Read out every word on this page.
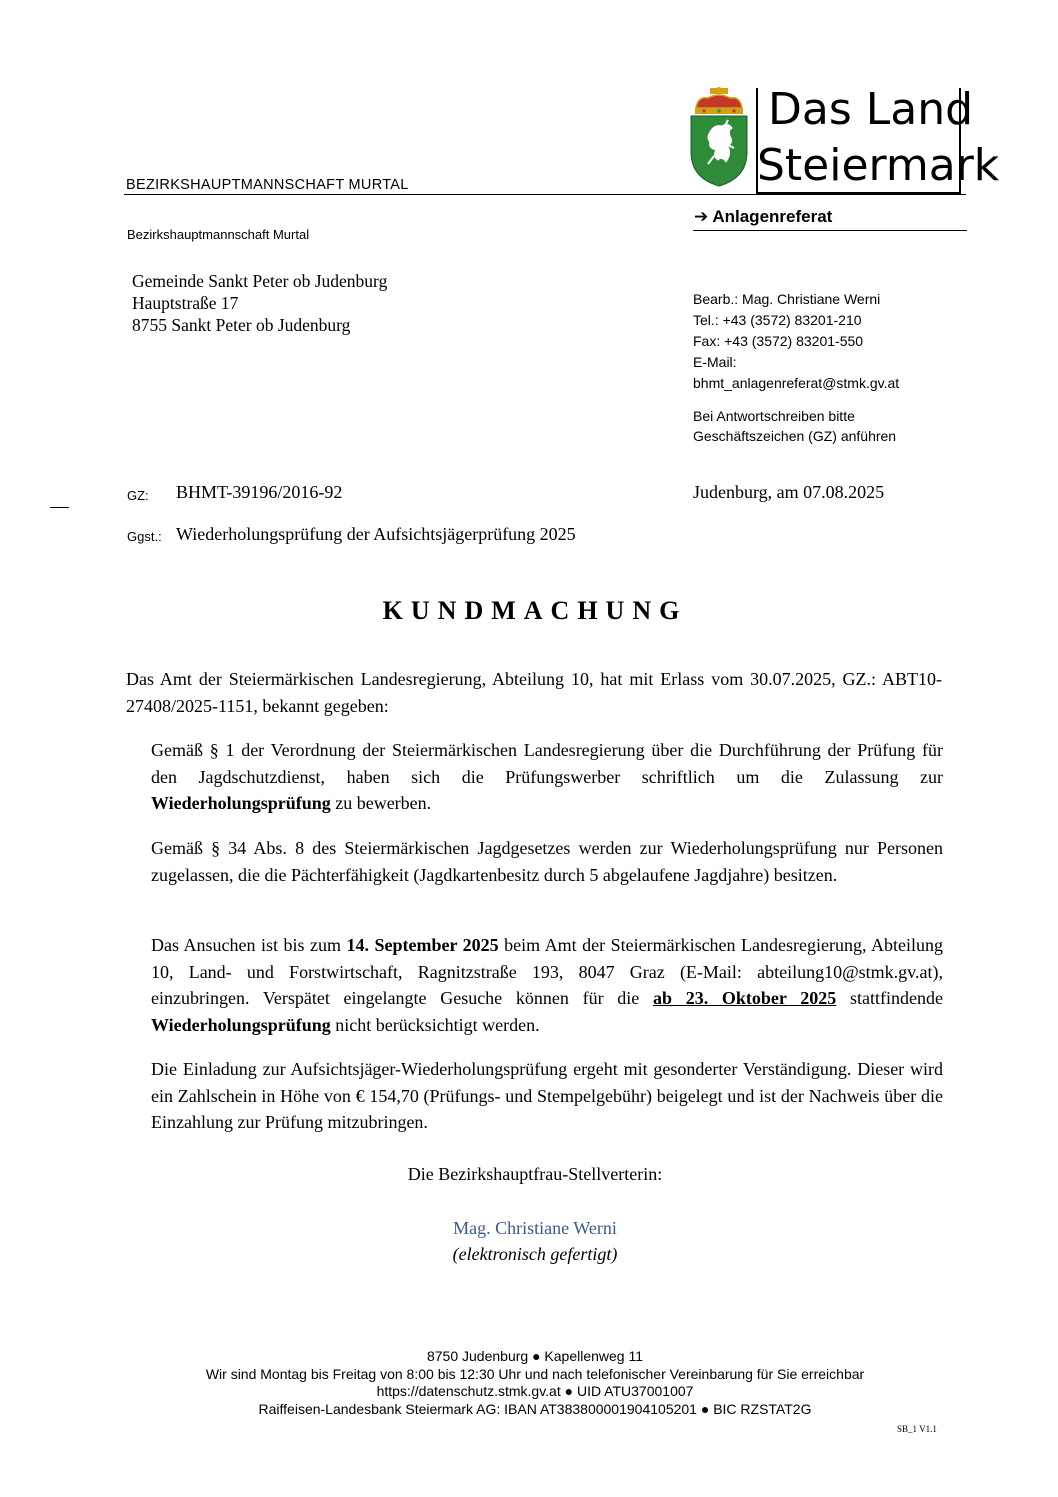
BEZIRKSHAUPTMANNSCHAFT MURTAL
Bezirkshauptmannschaft Murtal
Das Land
Steiermark
➔ Anlagenreferat
Gemeinde Sankt Peter ob Judenburg
Hauptstraße 17
8755 Sankt Peter ob Judenburg
Bearb.: Mag. Christiane Werni
Tel.: +43 (3572) 83201-210
Fax: +43 (3572) 83201-550
E-Mail:
bhmt_anlagenreferat@stmk.gv.at
Bei Antwortschreiben bitte
Geschäftszeichen (GZ) anführen
GZ: BHMT-39196/2016-92	Judenburg, am 07.08.2025
Ggst.: Wiederholungsprüfung der Aufsichtsjägerprüfung 2025
KUNDMACHUNG
Das Amt der Steiermärkischen Landesregierung, Abteilung 10, hat mit Erlass vom 30.07.2025, GZ.: ABT10-27408/2025-1151, bekannt gegeben:
Gemäß § 1 der Verordnung der Steiermärkischen Landesregierung über die Durchführung der Prüfung für den Jagdschutzdienst, haben sich die Prüfungswerber schriftlich um die Zulassung zur Wiederholungsprüfung zu bewerben.
Gemäß § 34 Abs. 8 des Steiermärkischen Jagdgesetzes werden zur Wiederholungsprüfung nur Personen zugelassen, die die Pächterfähigkeit (Jagdkartenbesitz durch 5 abgelaufene Jagdjahre) besitzen.
Das Ansuchen ist bis zum 14. September 2025 beim Amt der Steiermärkischen Landesregierung, Abteilung 10, Land- und Forstwirtschaft, Ragnitzstraße 193, 8047 Graz (E-Mail: abteilung10@stmk.gv.at), einzubringen. Verspätet eingelangte Gesuche können für die ab 23. Oktober 2025 stattfindende Wiederholungsprüfung nicht berücksichtigt werden.
Die Einladung zur Aufsichtsjäger-Wiederholungsprüfung ergeht mit gesonderter Verständigung. Dieser wird ein Zahlschein in Höhe von € 154,70 (Prüfungs- und Stempelgebühr) beigelegt und ist der Nachweis über die Einzahlung zur Prüfung mitzubringen.
Die Bezirkshauptfrau-Stellverterin:
Mag. Christiane Werni
(elektronisch gefertigt)
8750 Judenburg ● Kapellenweg 11
Wir sind Montag bis Freitag von 8:00 bis 12:30 Uhr und nach telefonischer Vereinbarung für Sie erreichbar
https://datenschutz.stmk.gv.at ● UID ATU37001007
Raiffeisen-Landesbank Steiermark AG: IBAN AT383800001904105201 ● BIC RZSTAT2G
SB_1 V1.1
